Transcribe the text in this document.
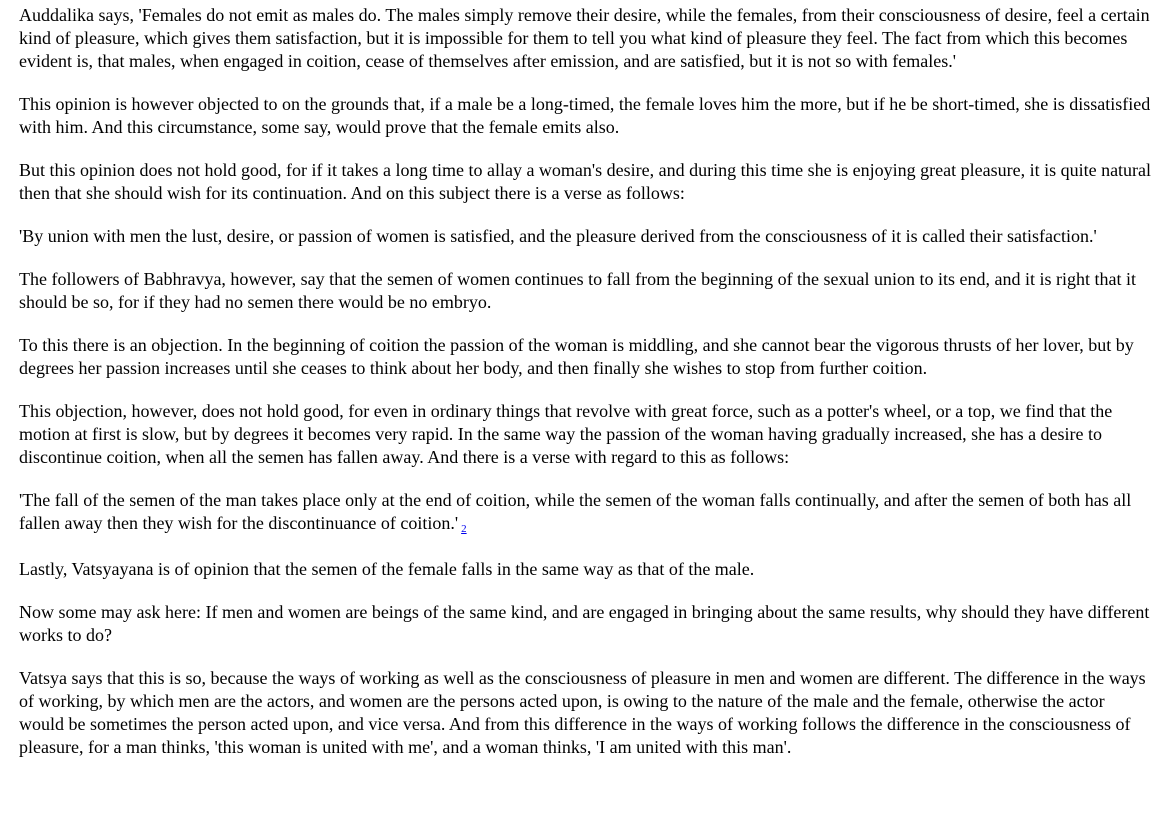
Auddalika says, 'Females do not emit as males do. The males simply remove their desire, while the females, from their consciousness of desire, feel a certain kind of pleasure, which gives them satisfaction, but it is impossible for them to tell you what kind of pleasure they feel. The fact from which this becomes evident is, that males, when engaged in coition, cease of themselves after emission, and are satisfied, but it is not so with females.'

This opinion is however objected to on the grounds that, if a male be a long-timed, the female loves him the more, but if he be short-timed, she is dissatisfied with him. And this circumstance, some say, would prove that the female emits also.

But this opinion does not hold good, for if it takes a long time to allay a woman's desire, and during this time she is enjoying great pleasure, it is quite natural then that she should wish for its continuation. And on this subject there is a verse as follows:

'By union with men the lust, desire, or passion of women is satisfied, and the pleasure derived from the consciousness of it is called their satisfaction.'

The followers of Babhravya, however, say that the semen of women continues to fall from the beginning of the sexual union to its end, and it is right that it should be so, for if they had no semen there would be no embryo.

To this there is an objection. In the beginning of coition the passion of the woman is middling, and she cannot bear the vigorous thrusts of her lover, but by degrees her passion increases until she ceases to think about her body, and then finally she wishes to stop from further coition.

This objection, however, does not hold good, for even in ordinary things that revolve with great force, such as a potter's wheel, or a top, we find that the motion at first is slow, but by degrees it becomes very rapid. In the same way the passion of the woman having gradually increased, she has a desire to discontinue coition, when all the semen has fallen away. And there is a verse with regard to this as follows:

'The fall of the semen of the man takes place only at the end of coition, while the semen of the woman falls continually, and after the semen of both has all fallen away then they wish for the discontinuance of coition.' 2

Lastly, Vatsyayana is of opinion that the semen of the female falls in the same way as that of the male.

Now some may ask here: If men and women are beings of the same kind, and are engaged in bringing about the same results, why should they have different works to do?

Vatsya says that this is so, because the ways of working as well as the consciousness of pleasure in men and women are different. The difference in the ways of working, by which men are the actors, and women are the persons acted upon, is owing to the nature of the male and the female, otherwise the actor would be sometimes the person acted upon, and vice versa. And from this difference in the ways of working follows the difference in the consciousness of pleasure, for a man thinks, 'this woman is united with me', and a woman thinks, 'I am united with this man'.
